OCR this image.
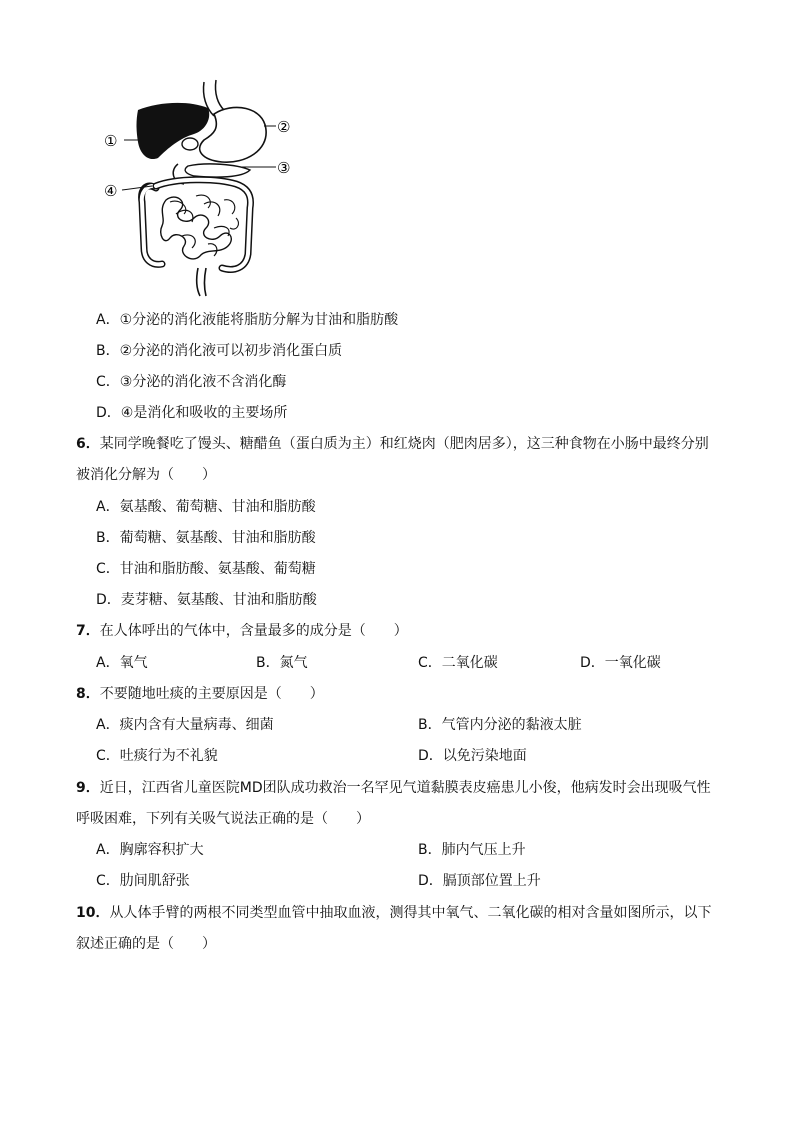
①
②
③
④
A．①分泌的消化液能将脂肪分解为甘油和脂肪酸
B．②分泌的消化液可以初步消化蛋白质
C．③分泌的消化液不含消化酶
D．④是消化和吸收的主要场所
6．某同学晚餐吃了馒头、糖醋鱼（蛋白质为主）和红烧肉（肥肉居多），这三种食物在小肠中最终分别
被消化分解为（　　）
A．氨基酸、葡萄糖、甘油和脂肪酸
B．葡萄糖、氨基酸、甘油和脂肪酸
C．甘油和脂肪酸、氨基酸、葡萄糖
D．麦芽糖、氨基酸、甘油和脂肪酸
7．在人体呼出的气体中，含量最多的成分是（　　）
A．氧气	B．氮气	C．二氧化碳	D．一氧化碳
8．不要随地吐痰的主要原因是（　　）
A．痰内含有大量病毒、细菌	B．气管内分泌的黏液太脏
C．吐痰行为不礼貌	D．以免污染地面
9．近日，江西省儿童医院MD团队成功救治一名罕见气道黏膜表皮癌患儿小俊，他病发时会出现吸气性
呼吸困难，下列有关吸气说法正确的是（　　）
A．胸廓容积扩大	B．肺内气压上升
C．肋间肌舒张	D．膈顶部位置上升
10．从人体手臂的两根不同类型血管中抽取血液，测得其中氧气、二氧化碳的相对含量如图所示，以下
叙述正确的是（　　）
